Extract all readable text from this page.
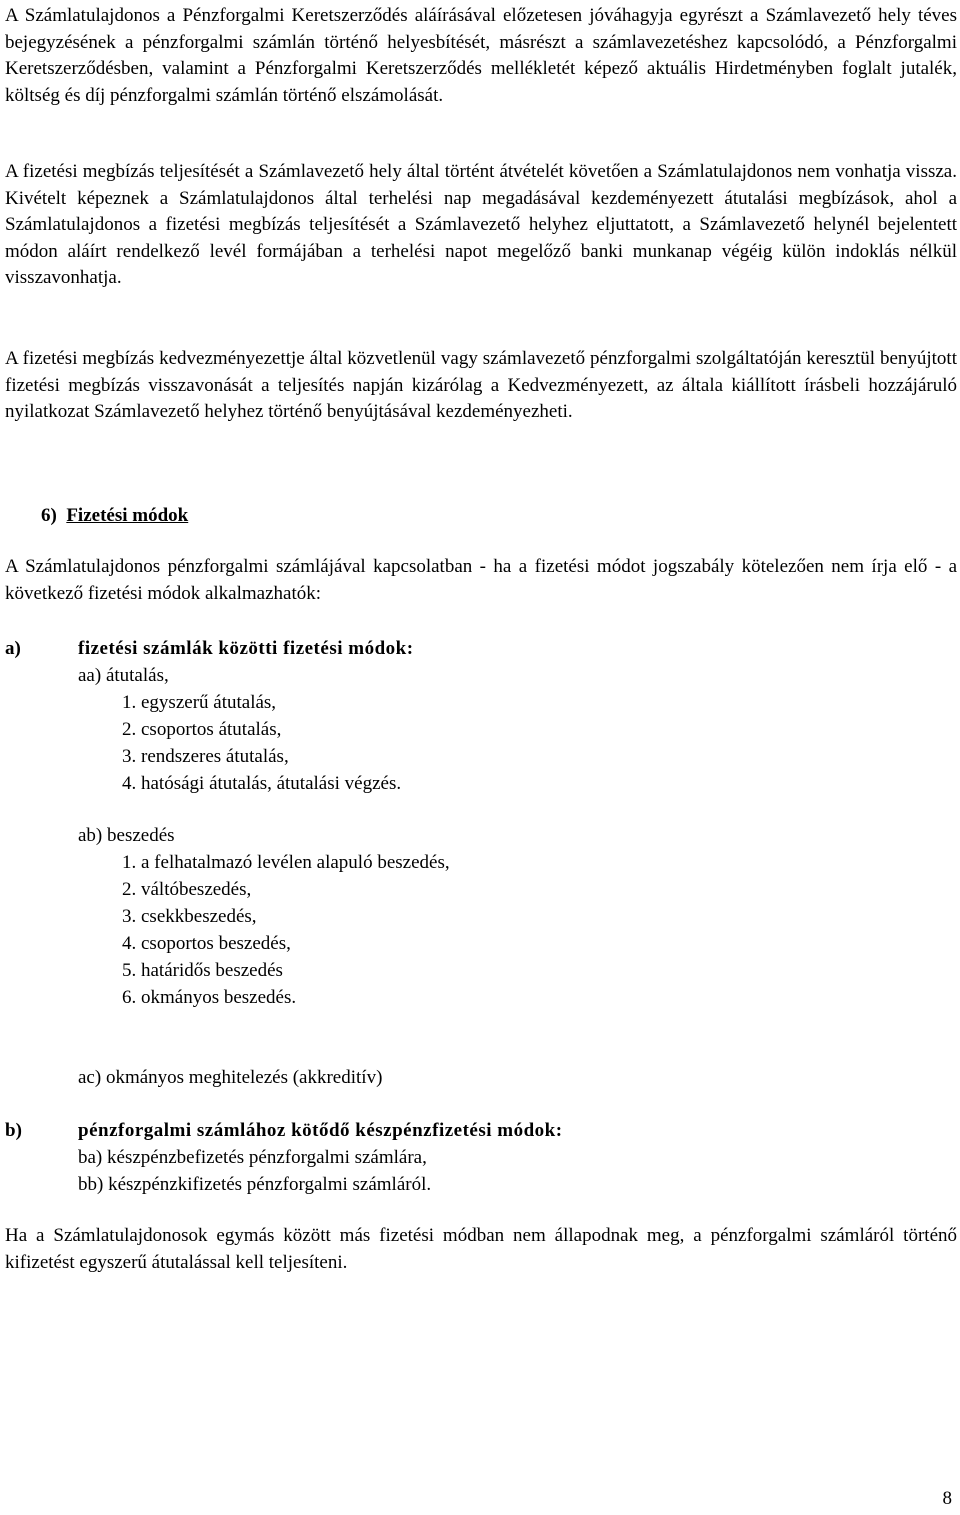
A Számlatulajdonos a Pénzforgalmi Keretszerződés aláírásával előzetesen jóváhagyja egyrészt a Számlavezető hely téves bejegyzésének a pénzforgalmi számlán történő helyesbítését, másrészt a számlavezetéshez kapcsolódó, a Pénzforgalmi Keretszerződésben, valamint a Pénzforgalmi Keretszerződés mellékletét képező aktuális Hirdetményben foglalt jutalék, költség és díj pénzforgalmi számlán történő elszámolását.

A fizetési megbízás teljesítését a Számlavezető hely által történt átvételét követően a Számlatulajdonos nem vonhatja vissza. Kivételt képeznek a Számlatulajdonos által terhelési nap megadásával kezdeményezett átutalási megbízások, ahol a Számlatulajdonos a fizetési megbízás teljesítését a Számlavezető helyhez eljuttatott, a Számlavezető helynél bejelentett módon aláírt rendelkező levél formájában a terhelési napot megelőző banki munkanap végéig külön indoklás nélkül visszavonhatja.

A fizetési megbízás kedvezményezettje által közvetlenül vagy számlavezető pénzforgalmi szolgáltatóján keresztül benyújtott fizetési megbízás visszavonását a teljesítés napján kizárólag a Kedvezményezett, az általa kiállított írásbeli hozzájáruló nyilatkozat Számlavezető helyhez történő benyújtásával kezdeményezheti.

6) Fizetési módok

A Számlatulajdonos pénzforgalmi számlájával kapcsolatban - ha a fizetési módot jogszabály kötelezően nem írja elő - a következő fizetési módok alkalmazhatók:

a)	fizetési számlák közötti fizetési módok:
aa) átutalás,
1. egyszerű átutalás,
2. csoportos átutalás,
3. rendszeres átutalás,
4. hatósági átutalás, átutalási végzés.
ab) beszedés
1. a felhatalmazó levélen alapuló beszedés,
2. váltóbeszedés,
3. csekkbeszedés,
4. csoportos beszedés,
5. határidős beszedés
6. okmányos beszedés.
ac) okmányos meghitelezés (akkreditív)
b)	pénzforgalmi számlához kötődő készpénzfizetési módok:
ba) készpénzbefizetés pénzforgalmi számlára,
bb) készpénzkifizetés pénzforgalmi számláról.

Ha a Számlatulajdonosok egymás között más fizetési módban nem állapodnak meg, a pénzforgalmi számláról történő kifizetést egyszerű átutalással kell teljesíteni.

8
